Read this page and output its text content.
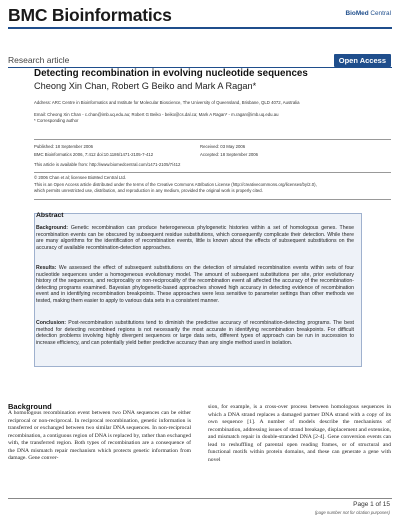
BMC Bioinformatics	BioMed Central
Research article	Open Access
Detecting recombination in evolving nucleotide sequences
Cheong Xin Chan, Robert G Beiko and Mark A Ragan*
Address: ARC Centre in Bioinformatics and Institute for Molecular Bioscience, The University of Queensland, Brisbane, QLD 4072, Australia
Email: Cheong Xin Chan - c.chan@imb.uq.edu.au; Robert G Beiko - beiko@cs.dal.ca; Mark A Ragan* - m.ragan@imb.uq.edu.au
* Corresponding author
Published: 18 September 2006	Received: 03 May 2006
BMC Bioinformatics 2006, 7:412 doi:10.1186/1471-2105-7-412	Accepted: 18 September 2006
This article is available from: http://www.biomedcentral.com/1471-2105/7/412
© 2006 Chan et al; licensee BioMed Central Ltd.
This is an Open Access article distributed under the terms of the Creative Commons Attribution License (http://creativecommons.org/licenses/by/2.0),
which permits unrestricted use, distribution, and reproduction in any medium, provided the original work is properly cited.
Abstract
Background: Genetic recombination can produce heterogeneous phylogenetic histories within a set of homologous genes. These recombination events can be obscured by subsequent residue substitutions, which consequently complicate their detection. While there are many algorithms for the identification of recombination events, little is known about the effects of subsequent substitutions on the accuracy of available recombination-detection approaches.
Results: We assessed the effect of subsequent substitutions on the detection of simulated recombination events within sets of four nucleotide sequences under a homogeneous evolutionary model. The amount of subsequent substitutions per site, prior evolutionary history of the sequences, and reciprocality or non-reciprocality of the recombination event all affected the accuracy of the recombination-detecting programs examined. Bayesian phylogenetic-based approaches showed high accuracy in detecting evidence of recombination event and in identifying recombination breakpoints. These approaches were less sensitive to parameter settings than other methods we tested, making them easier to apply to various data sets in a consistent manner.
Conclusion: Post-recombination substitutions tend to diminish the predictive accuracy of recombination-detecting programs. The best method for detecting recombined regions is not necessarily the most accurate in identifying recombination breakpoints. For difficult detection problems involving highly divergent sequences or large data sets, different types of approach can be run in succession to increase efficiency, and can potentially yield better predictive accuracy than any single method used in isolation.
Background
A homologous recombination event between two DNA sequences can be either reciprocal or non-reciprocal. In reciprocal recombination, genetic information is transferred or exchanged between two similar DNA sequences. In non-reciprocal recombination, a contiguous region of DNA is replaced by, rather than exchanged with, the transferred region. Both types of recombination are a consequence of the DNA mismatch repair mechanism which protects genetic information from damage. Gene conver-
sion, for example, is a cross-over process between homologous sequences in which a DNA strand replaces a damaged partner DNA strand with a copy of its own sequence [1]. A number of models describe the mechanisms of recombination, addressing issues of strand breakage, displacement and extension, and mismatch repair in double-stranded DNA [2-4]. Gene conversion events can lead to reshuffling of parental open reading frames, or of structural and functional motifs within protein domains, and these can generate a gene with novel
Page 1 of 15
(page number not for citation purposes)
